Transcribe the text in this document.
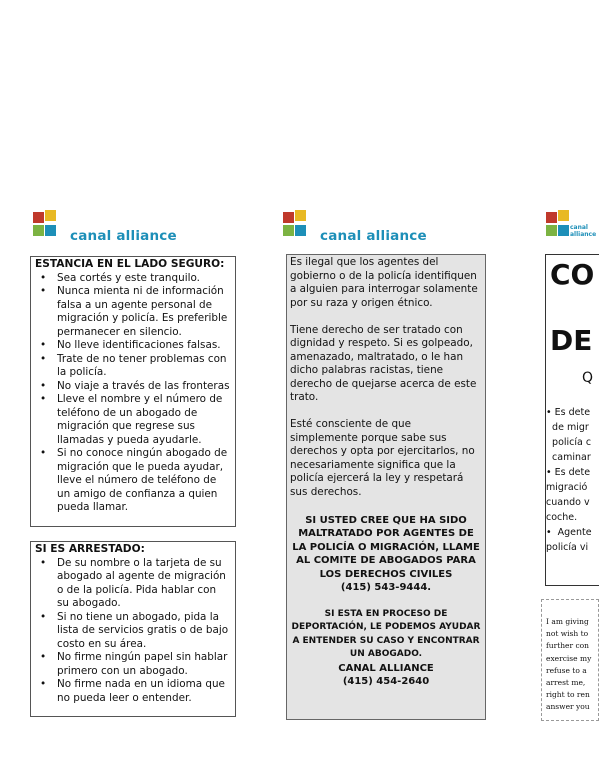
canal alliance	canal alliance
canal alliance
ESTANCIA EN EL LADO SEGURO:
• Sea cortés y este tranquilo.
• Nunca mienta ni de información falsa a un agente personal de migración y policía. Es preferible permanecer en silencio.
• No lleve identificaciones falsas.
• Trate de no tener problemas con la policía.
• No viaje a través de las fronteras
• Lleve el nombre y el número de teléfono de un abogado de migración que regrese sus llamadas y pueda ayudarle.
• Si no conoce ningún abogado de migración que le pueda ayudar, lleve el número de teléfono de un amigo de confianza a quien pueda llamar.
SI ES ARRESTADO:
• De su nombre o la tarjeta de su abogado al agente de migración o de la policía. Pida hablar con su abogado.
• Si no tiene un abogado, pida la lista de servicios gratis o de bajo costo en su área.
• No firme ningún papel sin hablar primero con un abogado.
• No firme nada en un idioma que no pueda leer o entender.

Es ilegal que los agentes del gobierno o de la policía identifiquen a alguien para interrogar solamente por su raza y origen étnico.

Tiene derecho de ser tratado con dignidad y respeto. Si es golpeado, amenazado, maltratado, o le han dicho palabras racistas, tiene derecho de quejarse acerca de este trato.

Esté consciente de que simplemente porque sabe sus derechos y opta por ejercitarlos, no necesariamente significa que la policía ejercerá la ley y respetará sus derechos.

SI USTED CREE QUE HA SIDO MALTRATADO POR AGENTES DE LA POLICÍA O MIGRACIÓN, LLAME AL COMITE DE ABOGADOS PARA LOS DERECHOS CIVILES
(415) 543-9444.
SI ESTA EN PROCESO DE DEPORTACIÓN, LE PODEMOS AYUDAR A ENTENDER SU CASO Y ENCONTRAR UN ABOGADO.
CANAL ALLIANCE
(415) 454-2640
CO
DE
Q
• Es dete
de migr
policía c
caminar
• Es dete
migració
cuando v
coche.
•  Agente
policía vi
I am giving
not wish to
further con
exercise my
refuse to a
arrest me,
right to ren
answer you
